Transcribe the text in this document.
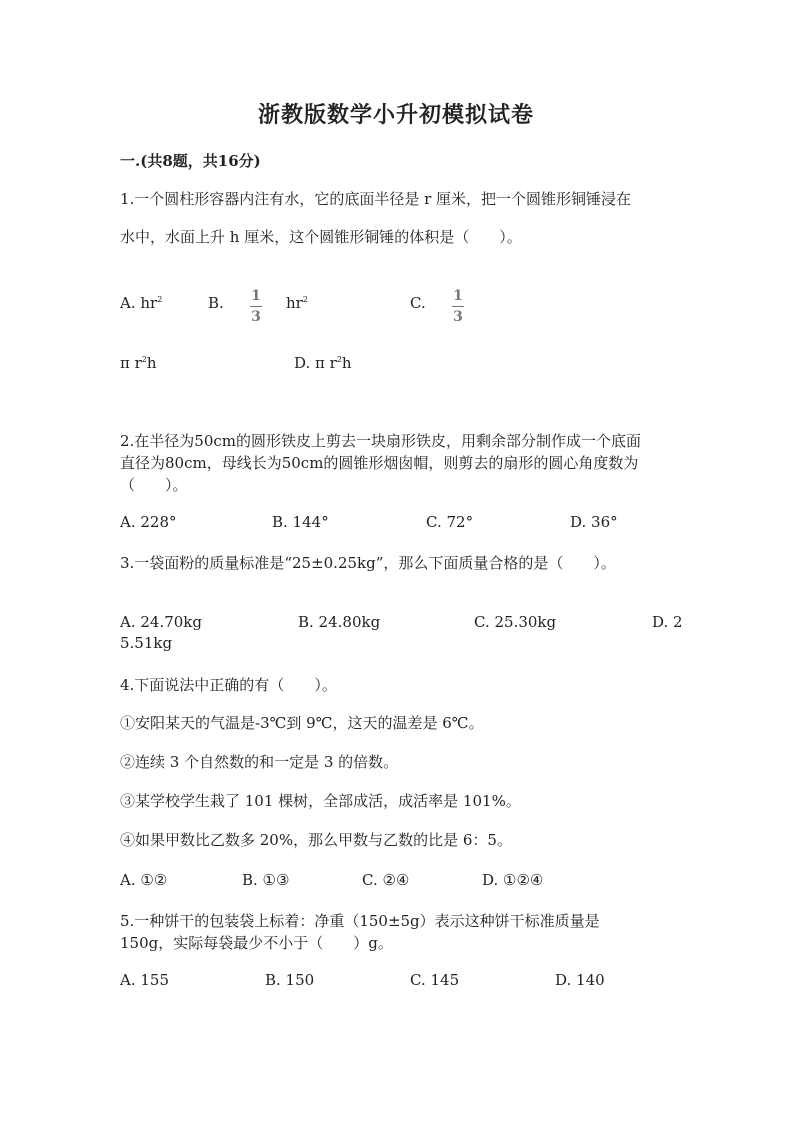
浙教版数学小升初模拟试卷
一.(共8题，共16分)
1.一个圆柱形容器内注有水，它的底面半径是 r 厘米，把一个圆锥形铜锤浸在
水中，水面上升 h 厘米，这个圆锥形铜锤的体积是（　　）。
A. $hr^2$	B. 1
3
$hr^2$	C. 1
3
π $r^2h$	D. π $r^2h$
2.在半径为50cm的圆形铁皮上剪去一块扇形铁皮，用剩余部分制作成一个底面
直径为80cm，母线长为50cm的圆锥形烟囱帽，则剪去的扇形的圆心角度数为
（　　）。
A. 228°	B. 144°	C. 72°	D. 36°
3.一袋面粉的质量标准是“25±0.25kg”，那么下面质量合格的是（　　）。
A. 24.70kg	B. 24.80kg	C. 25.30kg	D. 2
5.51kg
4.下面说法中正确的有（　　）。
①安阳某天的气温是-3℃到 9℃，这天的温差是 6℃。
②连续 3 个自然数的和一定是 3 的倍数。
③某学校学生栽了 101 棵树，全部成活，成活率是 101%。
④如果甲数比乙数多 20%，那么甲数与乙数的比是 6：5。
A. ①②	B. ①③	C. ②④	D. ①②④
5.一种饼干的包装袋上标着：净重（150±5g）表示这种饼干标准质量是
150g，实际每袋最少不小于（　　）g。
A. 155	B. 150	C. 145	D. 140
